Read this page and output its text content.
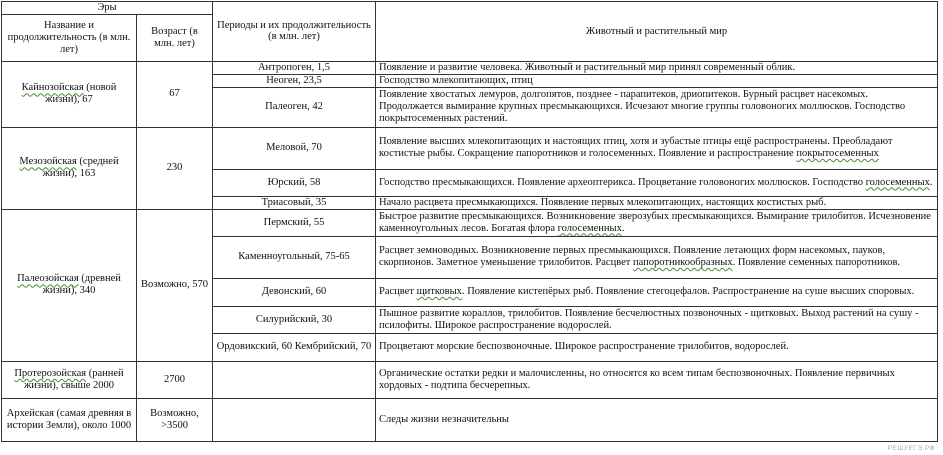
Эры		Периоды и их продолжительность (в млн. лет)	Животный и растительный мир
Название и продолжительность (в млн. лет)	Возраст (в млн. лет)		
Кайнозойская (новой жизни), 67	67	Антропоген, 1,5	Появление и развитие человека. Животный и растительный мир принял современный облик.
		Неоген, 23,5	Господство млекопитающих, птиц
		Палеоген, 42	Появление хвостатых лемуров, долгопятов, позднее - парапитеков, дриопитеков. Бурный расцвет насекомых. Продолжается вымирание крупных пресмыкающихся. Исчезают многие группы головоногих моллюсков. Господство покрытосеменных растений.
Мезозойская (средней жизни), 163	230	Меловой, 70	Появление высших млекопитающих и настоящих птиц, хотя и зубастые птицы ещё распространены. Преобладают костистые рыбы. Сокращение папоротников и голосеменных. Появление и распространение покрытосеменных
		Юрский, 58	Господство пресмыкающихся. Появление археоптерикса. Процветание головоногих моллюсков. Господство голосеменных.
		Триасовый, 35	Начало расцвета пресмыкающихся. Появление первых млекопитающих, настоящих костистых рыб.
Палеозойская (древней жизни), 340	Возможно, 570	Пермский, 55	Быстрое развитие пресмыкающихся. Возникновение зверозубых пресмыкающихся. Вымирание трилобитов. Исчезновение каменноугольных лесов. Богатая флора голосеменных.
		Каменноугольный, 75-65	Расцвет земноводных. Возникновение первых пресмыкающихся. Появление летающих форм насекомых, пауков, скорпионов. Заметное уменьшение трилобитов. Расцвет папоротникообразных. Появление семенных папоротников.
		Девонский, 60	Расцвет щитковых. Появление кистепёрых рыб. Появление стегоцефалов. Распространение на суше высших споровых.
		Силурийский, 30	Пышное развитие кораллов, трилобитов. Появление бесчелюстных позвоночных - щитковых. Выход растений на сушу - псилофиты. Широкое распространение водорослей.
		Ордовикский, 60 Кембрийский, 70	Процветают морские беспозвоночные. Широкое распространение трилобитов, водорослей.
Протерозойская (ранней жизни), свыше 2000	2700		Органические остатки редки и малочисленны, но относятся ко всем типам беспозвоночных. Появление первичных хордовых - подтипа бесчерепных.
Архейская (самая древняя в истории Земли), около 1000	Возможно, >3500		Следы жизни незначительны
РЕШУЕГЭ.РФ
